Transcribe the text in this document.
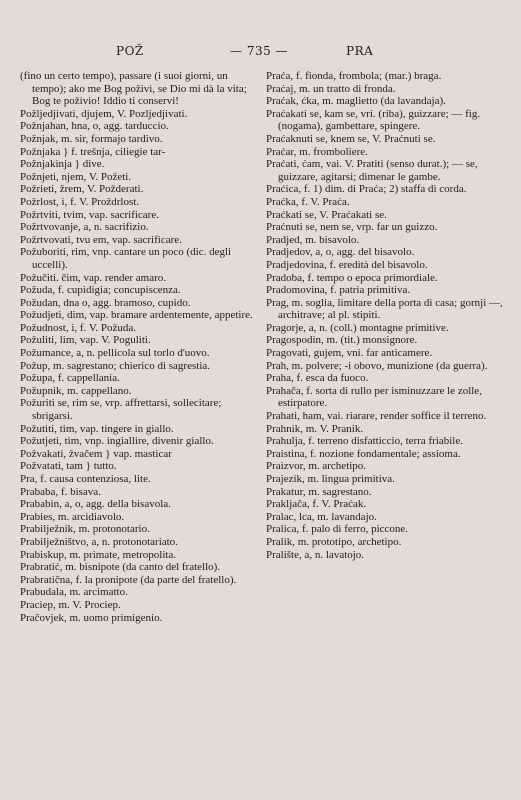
POŽ	— 735 —	PRA

(fino un certo tempo), passare (i suoi giorni, un tempo); ako me Bog poživi, se Dio mi dà la vita; Bog te poživio! Iddio ti conservi!

Požljedjivati, djujem, V. Pozljedjivati.

Požnjahan, hna, o, agg. tarduccio.

Požnjak, m. sir, formajo tardivo.

Požnjaka } f. trešnja, ciliegie tar-

Požnjakinja } dive.

Požnjeti, njem, V. Požeti.

Požrieti, žrem, V. Požderati.

Požrlost, i, f. V. Proždrlost.

Požrtviti, tvim, vap. sacrificare.

Požrtvovanje, a, n. sacrifizio.

Požrtvovati, tvu em, vap. sacrificare.

Požuboriti, rim, vnp. cantare un poco (dic. degli uccelli).

Požučiti. čim, vap. render amaro.

Požuda, f. cupidigia; concupiscenza.

Požudan, dna o, agg. bramoso, cupido.

Požudjeti, dim, vap. bramare ardentemente, appetire.

Požudnost, i, f. V. Požuda.

Požuliti, lim, vap. V. Poguliti.

Požumance, a, n. pellicola sul torlo d'uovo.

Požup, m. sagrestano; chierico di sagrestia.

Požupa, f. cappellania.

Požupnik, m. cappellano.

Požuriti se, rim se, vrp. affrettarsi, sollecitare; sbrigarsi.

Požutiti, tim, vap. tingere in giallo.

Požutjeti, tim, vnp. ingiallire, divenir giallo.

Požvakati, žvačem } vap. masticar

Požvatati, tam } tutto.

Pra, f. causa contenziosa, lite.

Prababa, f. bisava.

Prababin, a, o, agg. della bisavola.

Prabies, m. arcidiavolo.

Prabilježnik, m. protonotario.

Prabilježništvo, a, n. protonotariato.

Prabiskup, m. primate, metropolita.

Prabratić, m. bisnipote (da canto del fratello).

Prabratična, f. la pronipote (da parte del fratello).

Prabudala, m. arcimatto.

Praciep, m. V. Prociep.

Pračovjek, m. uomo primigenio.

Praća, f. fionda, frombola; (mar.) braga.

Praćaj, m. un tratto di fronda.

Praćak, ćka, m. maglietto (da lavandaja).

Praćakati se, kam se, vri. (riba), guizzare; — fig. (nogama), gambettare, spingere.

Praćaknuti se, knem se, V. Praćnuti se.

Praćar, m. fromboliere.

Praćati, ćam, vai. V. Pratiti (senso durat.); — se, guizzare, agitarsi; dimenar le gambe.

Praćica, f. 1) dim. di Praća; 2) staffa di corda.

Praćka, f. V. Praća.

Praćkati se, V. Praćakati se.

Praćnuti se, nem se, vrp. far un guizzo.

Pradjed, m. bisavolo.

Pradjedov, a, o, agg. del bisavolo.

Pradjedovina, f. eredità del bisavolo.

Pradoba, f. tempo o epoca primordiale.

Pradomovina, f. patria primitiva.

Prag, m. soglia, limitare della porta di casa; gornji —, architrave; al pl. stipiti.

Pragorje, a, n. (coll.) montagne primitive.

Pragospodin, m. (tit.) monsignore.

Pragovati, gujem, vni. far anticamere.

Prah, m. polvere; -i obovo, munizione (da guerra).

Praha, f. esca da fuoco.

Prahača, f. sorta di rullo per isminuzzare le zolle, estirpatore.

Prahati, ham, vai. riarare, render soffice il terreno.

Prahnik, m. V. Pranik.

Prahulja, f. terreno disfatticcio, terra friabile.

Praistina, f. nozione fondamentale; assioma.

Praizvor, m. archetipo.

Prajezik, m. lingua primitiva.

Prakatur, m. sagrestano.

Prakljača, f. V. Praćak.

Pralac, lca, m. lavandajo.

Pralica, f. palo di ferro, piccone.

Pralik, m. prototipo, archetipo.

Pralište, a, n. lavatojo.
